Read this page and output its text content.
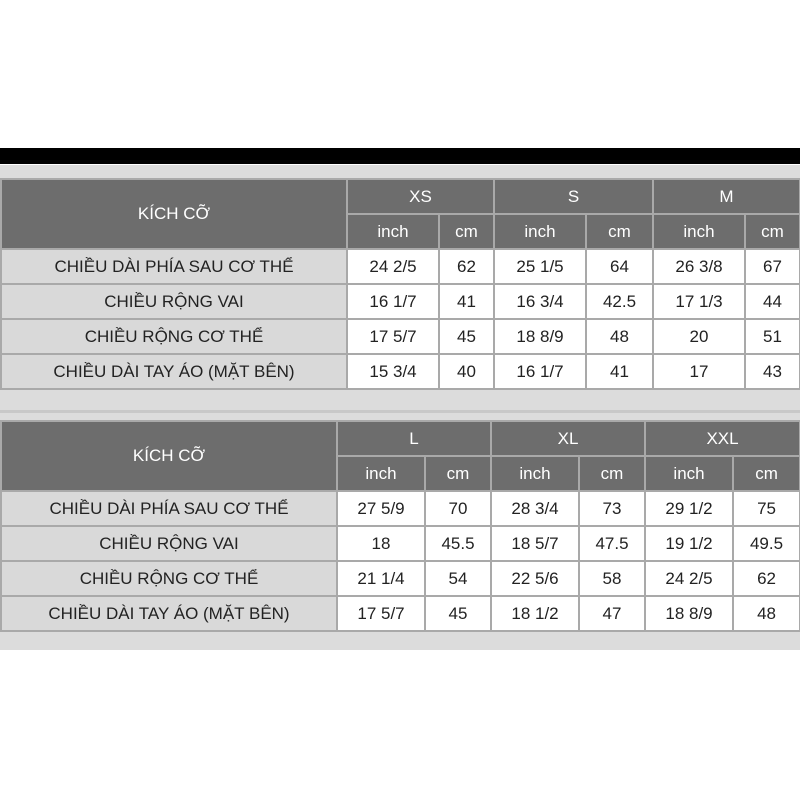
KÍCH CỠ	XS		S		M	
	inch	cm	inch	cm	inch	cm
CHIỀU DÀI PHÍA SAU CƠ THỂ	24 2/5	62	25 1/5	64	26 3/8	67
CHIỀU RỘNG VAI	16 1/7	41	16 3/4	42.5	17 1/3	44
CHIỀU RỘNG CƠ THỂ	17 5/7	45	18 8/9	48	20	51
CHIỀU DÀI TAY ÁO (MẶT BÊN)	15 3/4	40	16 1/7	41	17	43
KÍCH CỠ	L		XL		XXL	
	inch	cm	inch	cm	inch	cm
CHIỀU DÀI PHÍA SAU CƠ THỂ	27 5/9	70	28 3/4	73	29 1/2	75
CHIỀU RỘNG VAI	18	45.5	18 5/7	47.5	19 1/2	49.5
CHIỀU RỘNG CƠ THỂ	21 1/4	54	22 5/6	58	24 2/5	62
CHIỀU DÀI TAY ÁO (MẶT BÊN)	17 5/7	45	18 1/2	47	18 8/9	48
